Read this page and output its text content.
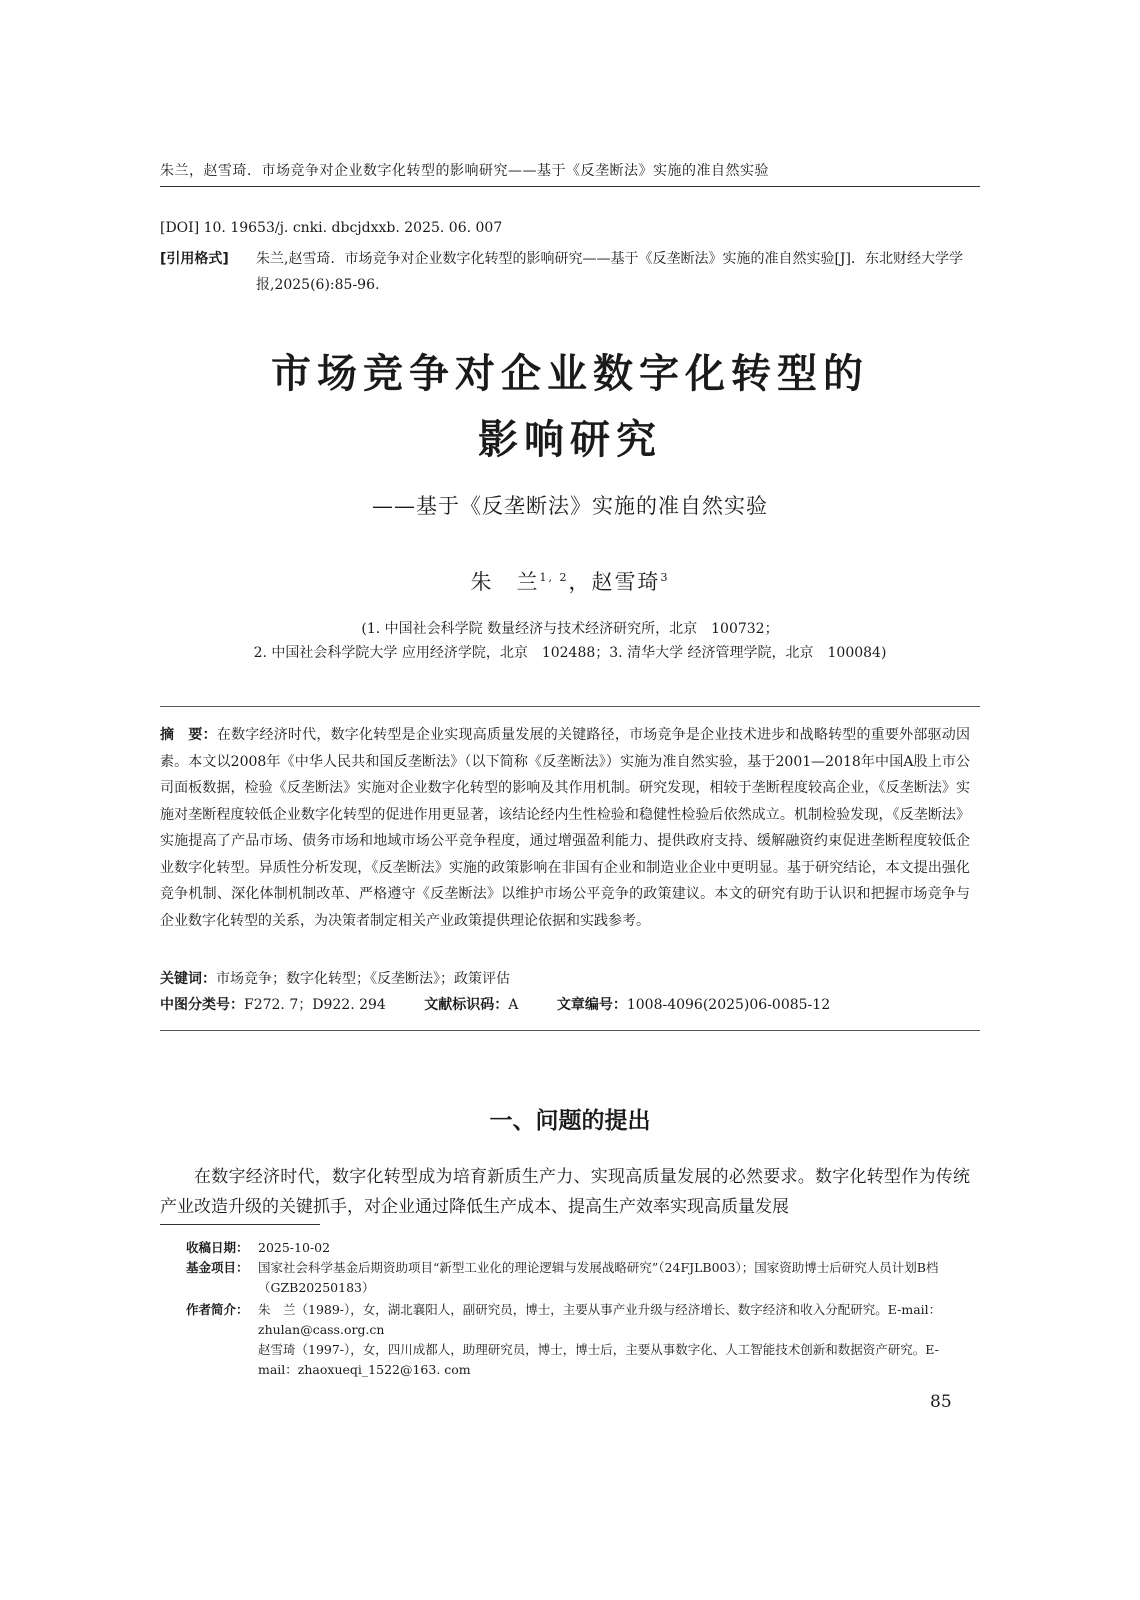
朱兰，赵雪琦．市场竞争对企业数字化转型的影响研究——基于《反垄断法》实施的准自然实验
[DOI] 10. 19653/j. cnki. dbcjdxxb. 2025. 06. 007
[引用格式]	朱兰,赵雪琦．市场竞争对企业数字化转型的影响研究——基于《反垄断法》实施的准自然实验[J]．东北财经大学学报,2025(6):85-96.
市场竞争对企业数字化转型的
影响研究
——基于《反垄断法》实施的准自然实验
朱　兰$^{1, 2}$，赵雪琦$^3$
(1. 中国社会科学院 数量经济与技术经济研究所，北京　100732；
2. 中国社会科学院大学 应用经济学院，北京　102488；3. 清华大学 经济管理学院，北京　100084)
摘　要：在数字经济时代，数字化转型是企业实现高质量发展的关键路径，市场竞争是企业技术进步和战略转型的重要外部驱动因素。本文以2008年《中华人民共和国反垄断法》（以下简称《反垄断法》）实施为准自然实验，基于2001—2018年中国A股上市公司面板数据，检验《反垄断法》实施对企业数字化转型的影响及其作用机制。研究发现，相较于垄断程度较高企业，《反垄断法》实施对垄断程度较低企业数字化转型的促进作用更显著，该结论经内生性检验和稳健性检验后依然成立。机制检验发现，《反垄断法》实施提高了产品市场、债务市场和地域市场公平竞争程度，通过增强盈利能力、提供政府支持、缓解融资约束促进垄断程度较低企业数字化转型。异质性分析发现，《反垄断法》实施的政策影响在非国有企业和制造业企业中更明显。基于研究结论，本文提出强化竞争机制、深化体制机制改革、严格遵守《反垄断法》以维护市场公平竞争的政策建议。本文的研究有助于认识和把握市场竞争与企业数字化转型的关系，为决策者制定相关产业政策提供理论依据和实践参考。
关键词：市场竞争；数字化转型；《反垄断法》；政策评估
中图分类号：F272. 7；D922. 294	文献标识码：A	文章编号：1008-4096(2025)06-0085-12
一、问题的提出
在数字经济时代，数字化转型成为培育新质生产力、实现高质量发展的必然要求。数字化转型作为传统产业改造升级的关键抓手，对企业通过降低生产成本、提高生产效率实现高质量发展
收稿日期： 2025-10-02
基金项目： 国家社会科学基金后期资助项目“新型工业化的理论逻辑与发展战略研究”（24FJLB003）；国家资助博士后研究人员计划B档（GZB20250183）
作者简介： 朱　兰（1989-），女，湖北襄阳人，副研究员，博士，主要从事产业升级与经济增长、数字经济和收入分配研究。E-mail：zhulan@cass.org.cn
赵雪琦（1997-），女，四川成都人，助理研究员，博士，博士后，主要从事数字化、人工智能技术创新和数据资产研究。E-mail：zhaoxueqi_1522@163. com
85
